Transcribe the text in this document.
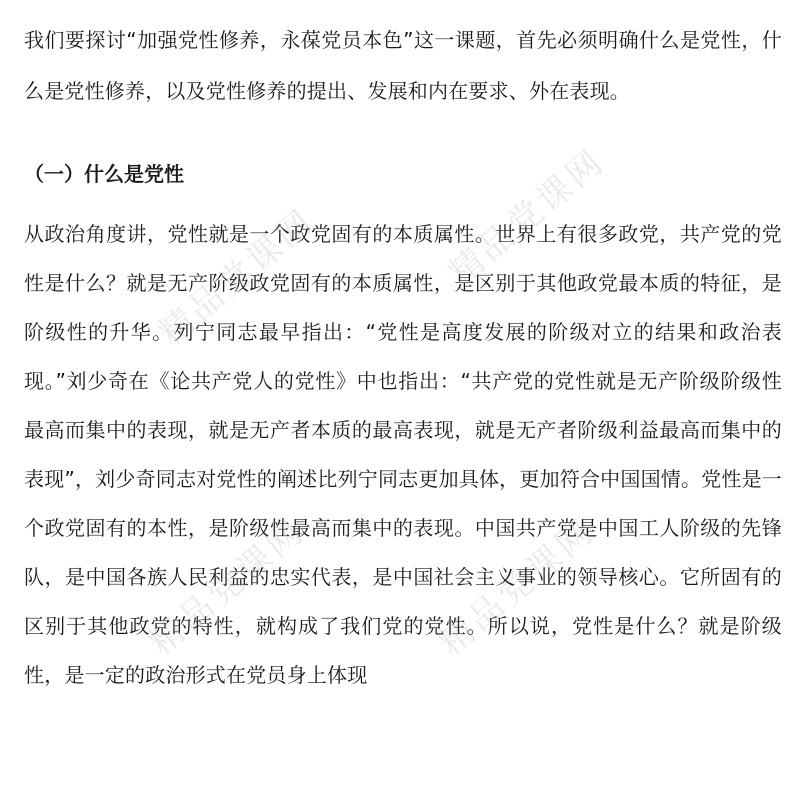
我们要探讨“加强党性修养，永葆党员本色”这一课题，首先必须明确什么是党性，什么是党性修养，以及党性修养的提出、发展和内在要求、外在表现。

（一）什么是党性

从政治角度讲，党性就是一个政党固有的本质属性。世界上有很多政党，共产党的党性是什么？就是无产阶级政党固有的本质属性，是区别于其他政党最本质的特征，是阶级性的升华。列宁同志最早指出：“党性是高度发展的阶级对立的结果和政治表现。”刘少奇在《论共产党人的党性》中也指出：“共产党的党性就是无产阶级阶级性最高而集中的表现，就是无产者本质的最高表现，就是无产者阶级利益最高而集中的表现”，刘少奇同志对党性的阐述比列宁同志更加具体，更加符合中国国情。党性是一个政党固有的本性，是阶级性最高而集中的表现。中国共产党是中国工人阶级的先锋队，是中国各族人民利益的忠实代表，是中国社会主义事业的领导核心。它所固有的区别于其他政党的特性，就构成了我们党的党性。所以说，党性是什么？就是阶级性，是一定的政治形式在党员身上体现

精品党课网	精品党课网
精品党课网	精品党课网
